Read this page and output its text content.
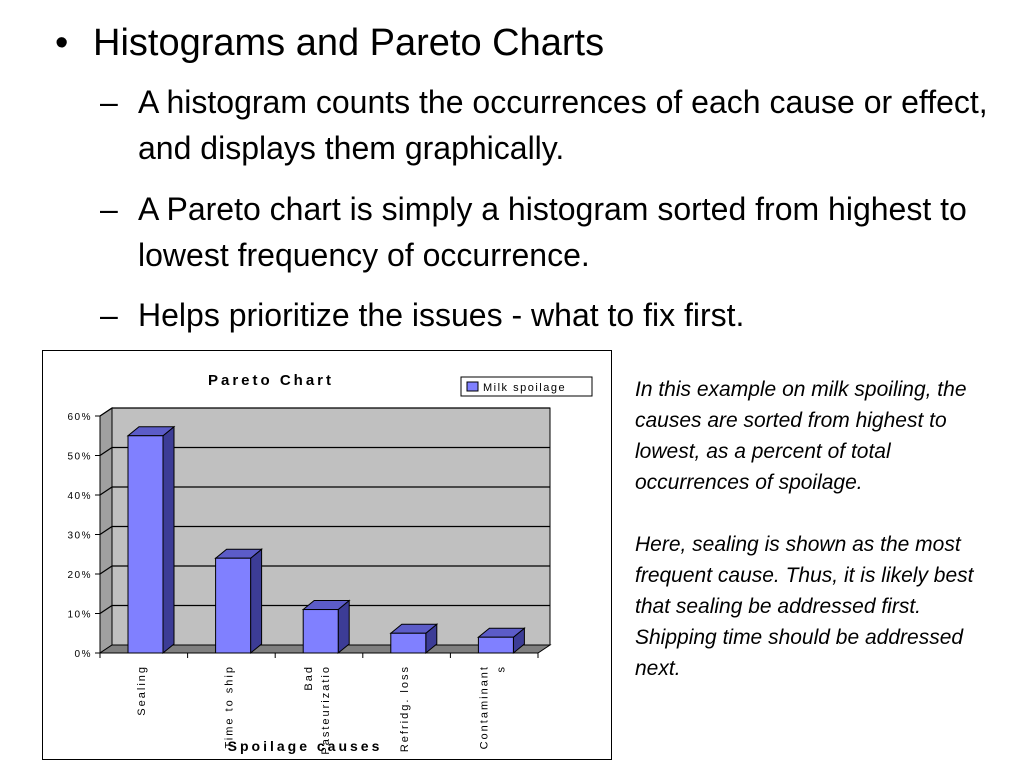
• Histograms and Pareto Charts
– A histogram counts the occurrences of each cause or effect, and displays them graphically.
– A Pareto chart is simply a histogram sorted from highest to lowest frequency of occurrence.
– Helps prioritize the issues - what to fix first.
0%
10%
20%
30%
40%
50%
60%
Sealing	Time to ship	Bad Pasteurizatio	Refridg. loss	Contaminant s
Pareto Chart
Spoilage causes
Milk spoilage	In this example on milk spoiling, the causes are sorted from highest to lowest, as a percent of total occurrences of spoilage.

Here, sealing is shown as the most frequent cause. Thus, it is likely best that sealing be addressed first. Shipping time should be addressed next.
